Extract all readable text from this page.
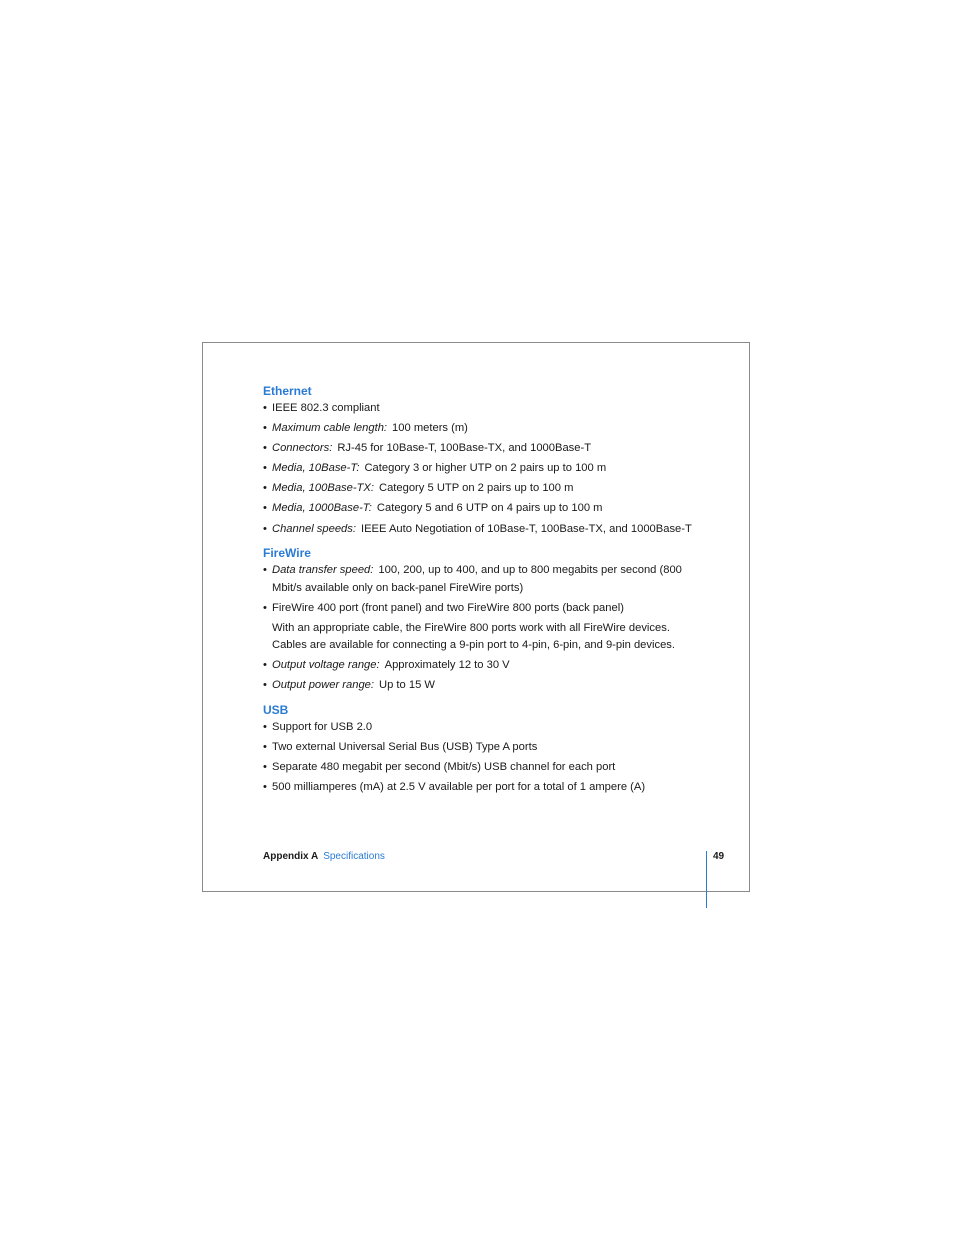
Ethernet
• IEEE 802.3 compliant
• Maximum cable length: 100 meters (m)
• Connectors: RJ-45 for 10Base-T, 100Base-TX, and 1000Base-T
• Media, 10Base-T: Category 3 or higher UTP on 2 pairs up to 100 m
• Media, 100Base-TX: Category 5 UTP on 2 pairs up to 100 m
• Media, 1000Base-T: Category 5 and 6 UTP on 4 pairs up to 100 m
• Channel speeds: IEEE Auto Negotiation of 10Base-T, 100Base-TX, and 1000Base-T
FireWire
• Data transfer speed: 100, 200, up to 400, and up to 800 megabits per second (800 Mbit/s available only on back-panel FireWire ports)
• FireWire 400 port (front panel) and two FireWire 800 ports (back panel)
With an appropriate cable, the FireWire 800 ports work with all FireWire devices. Cables are available for connecting a 9-pin port to 4-pin, 6-pin, and 9-pin devices.
• Output voltage range: Approximately 12 to 30 V
• Output power range: Up to 15 W
USB
• Support for USB 2.0
• Two external Universal Serial Bus (USB) Type A ports
• Separate 480 megabit per second (Mbit/s) USB channel for each port
• 500 milliamperes (mA) at 2.5 V available per port for a total of 1 ampere (A)
Appendix A Specifications	49
